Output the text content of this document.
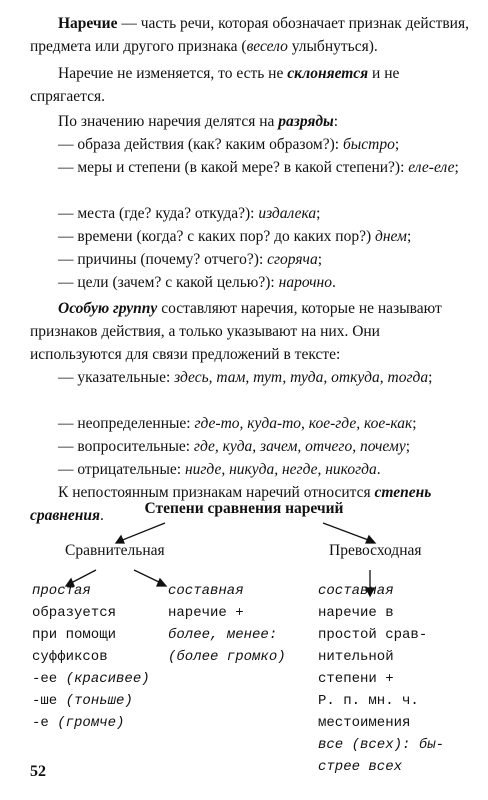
Наречие — часть речи, которая обозначает признак действия, предмета или другого признака (весело улыбнуться).
Наречие не изменяется, то есть не склоняется и не спрягается.
По значению наречия делятся на разряды:
— образа действия (как? каким образом?): быстро;
— меры и степени (в какой мере? в какой степени?): еле-еле;
— места (где? куда? откуда?): издалека;
— времени (когда? с каких пор? до каких пор?) днем;
— причины (почему? отчего?): сгоряча;
— цели (зачем? с какой целью?): нарочно.
Особую группу составляют наречия, которые не называют признаков действия, а только указывают на них. Они используются для связи предложений в тексте:
— указательные: здесь, там, тут, туда, откуда, тогда;
— неопределенные: где-то, куда-то, кое-где, кое-как;
— вопросительные: где, куда, зачем, отчего, почему;
— отрицательные: нигде, никуда, негде, никогда.
К непостоянным признакам наречий относится степень сравнения.	Степени сравнения наречий
Сравнительная	Превосходная
простая
образуется
при помощи
суффиксов
-ее (красивее)
-ше (тоньше)
-е (громче)
составная
наречие +
более, менее:
(более громко)
составная
наречие в
простой срав-
нительной
степени +
Р. п. мн. ч.
местоимения
все (всех): бы-
стрее всех
52
